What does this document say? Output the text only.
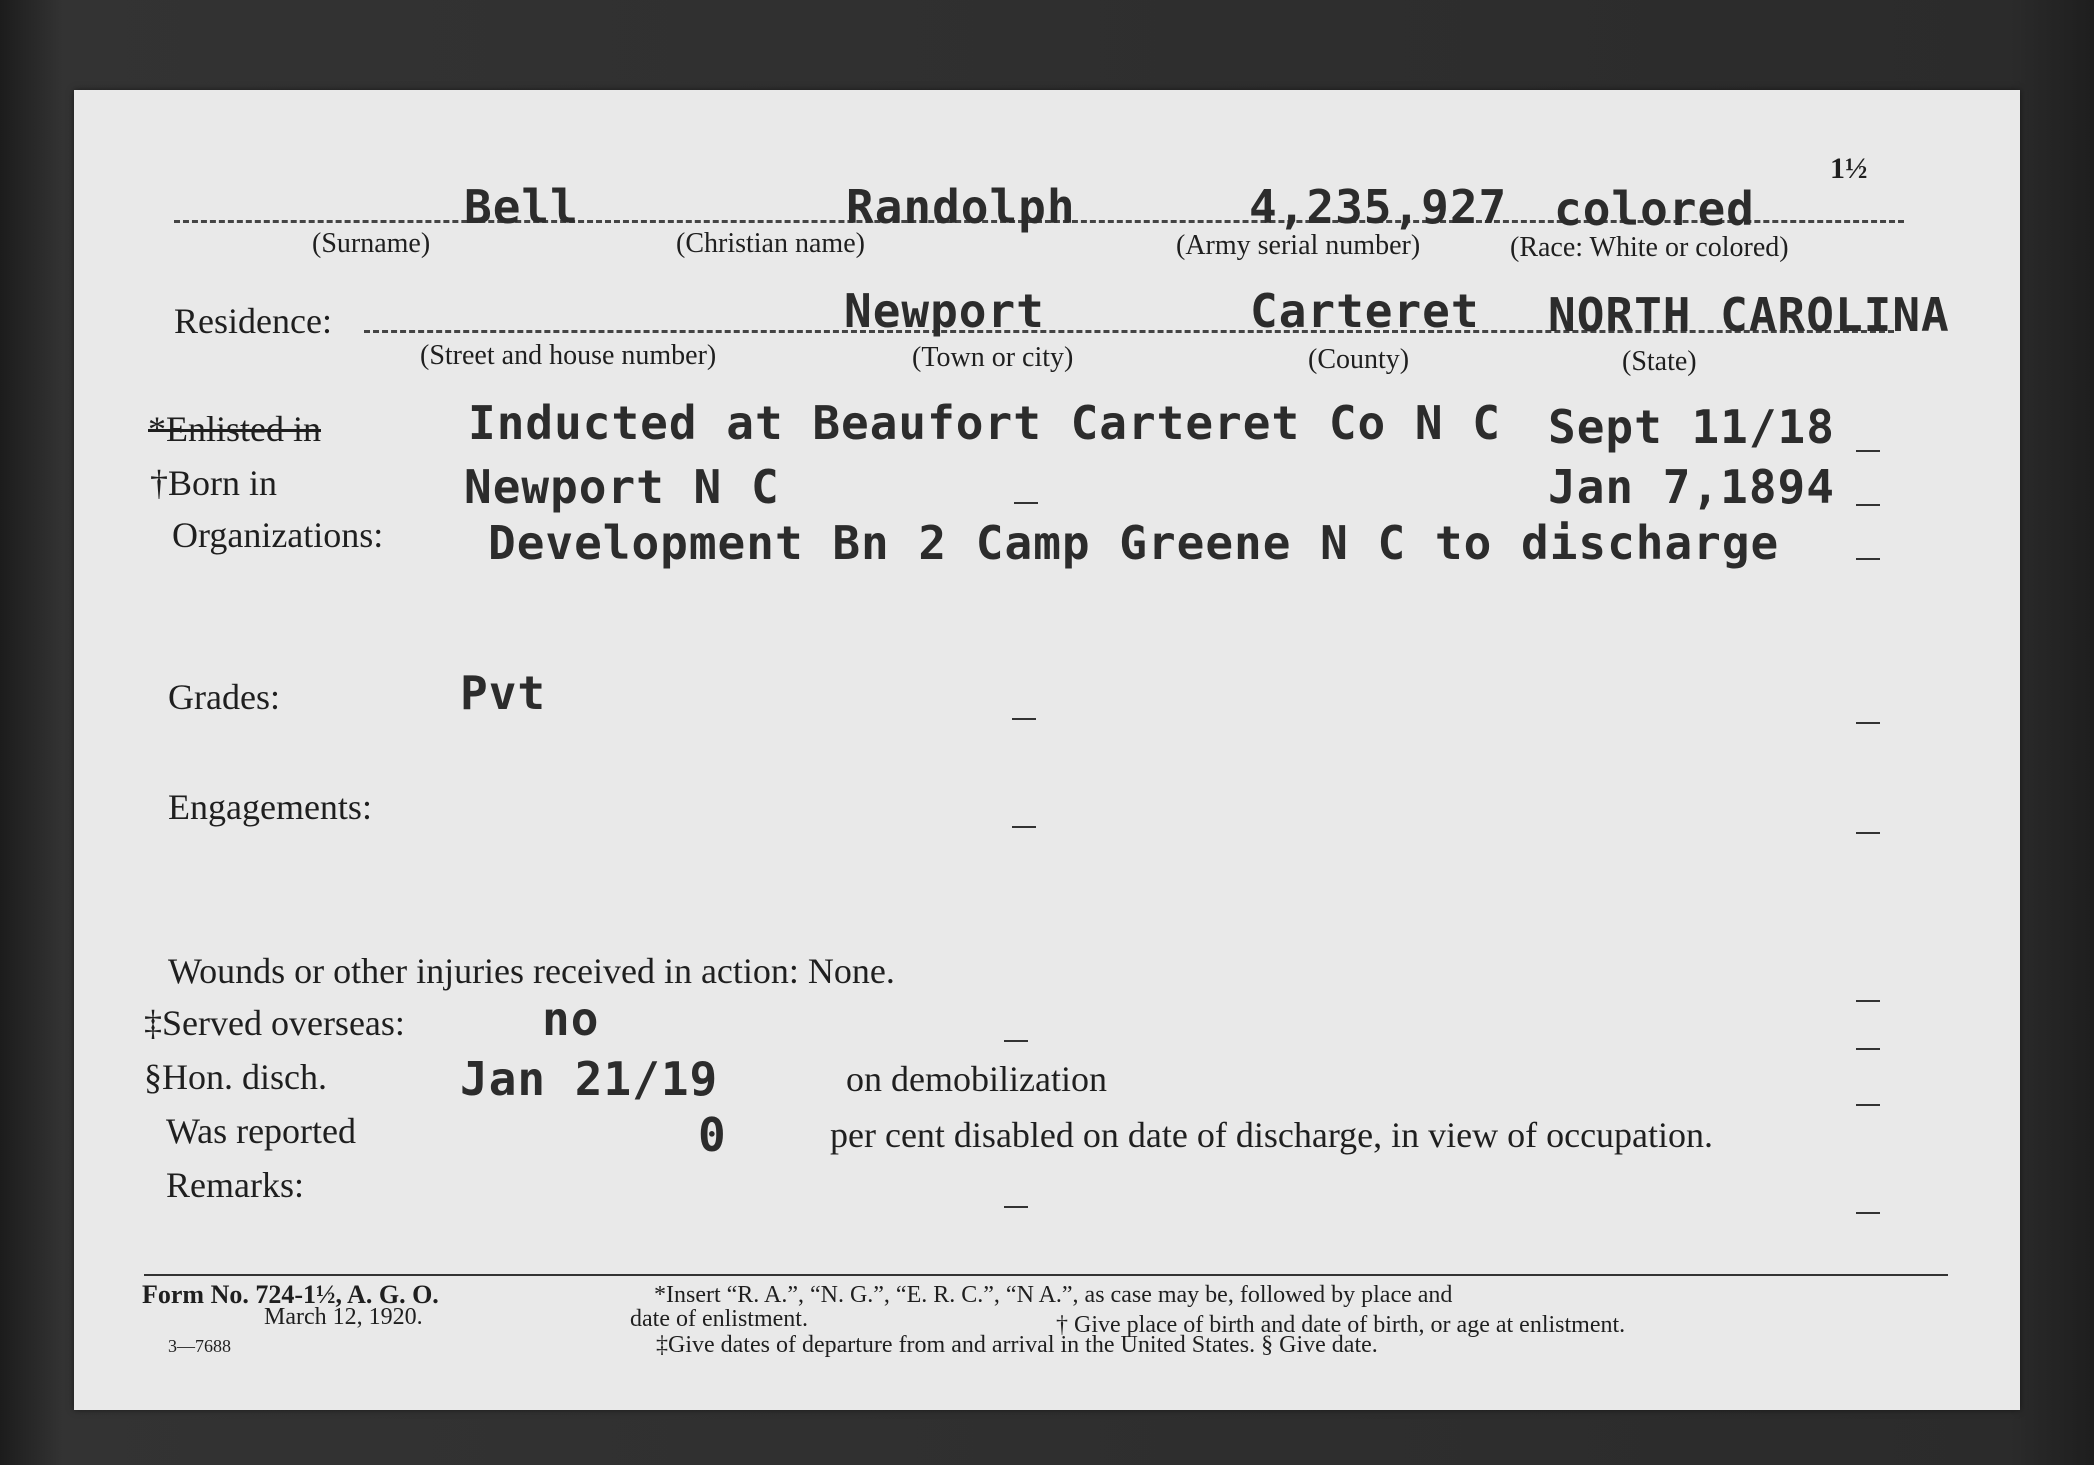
1½
Bell	Randolph	4,235,927 colored
(Surname)	(Christian name)	(Army serial number)	(Race: White or colored)
Residence:	Newport	Carteret NORTH CAROLINA
(Street and house number)	(Town or city)	(County)	(State)
*Enlisted in	Inducted at Beaufort Carteret Co N C Sept 11/18
†Born in	Newport N C	Jan 7,1894
Organizations: Development Bn 2 Camp Greene N C to discharge
Grades:	Pvt
Engagements:
Wounds or other injuries received in action: None.
‡Served overseas:	no
§Hon. disch.	Jan 21/19	on demobilization
Was reported	0	per cent disabled on date of discharge, in view of occupation.
Remarks:
Form No. 724-1½, A. G. O.
March 12, 1920.
3—7688
*Insert “R. A.”, “N. G.”, “E. R. C.”, “N A.”, as case may be, followed by place and
date of enlistment.	† Give place of birth and date of birth, or age at enlistment.
‡Give dates of departure from and arrival in the United States. § Give date.
